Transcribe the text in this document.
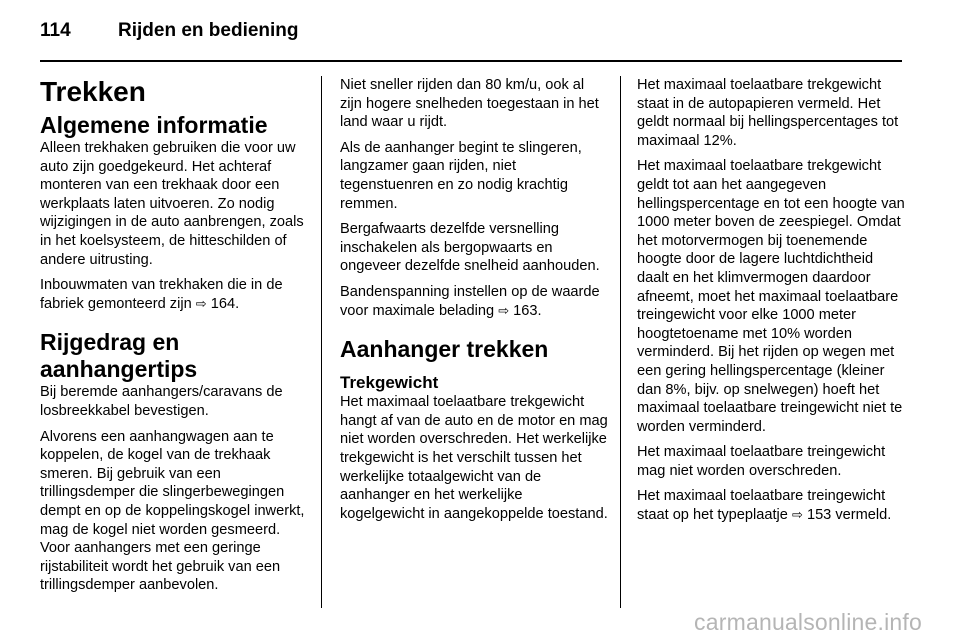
114 Rijden en bediening
Trekken
Algemene informatie

Alleen trekhaken gebruiken die voor uw auto zijn goedgekeurd. Het achteraf monteren van een trekhaak door een werkplaats laten uitvoeren. Zo nodig wijzigingen in de auto aanbrengen, zoals in het koelsysteem, de hitteschilden of andere uitrusting.

Inbouwmaten van trekhaken die in de fabriek gemonteerd zijn ⇨ 164.

Rijgedrag en aanhangertips

Bij beremde aanhangers/caravans de losbreekkabel bevestigen.

Alvorens een aanhangwagen aan te koppelen, de kogel van de trekhaak smeren. Bij gebruik van een trillingsdemper die slingerbewegingen dempt en op de koppelingskogel inwerkt, mag de kogel niet worden gesmeerd. Voor aanhangers met een geringe rijstabiliteit wordt het gebruik van een trillingsdemper aanbevolen.

Niet sneller rijden dan 80 km/u, ook al zijn hogere snelheden toegestaan in het land waar u rijdt.

Als de aanhanger begint te slingeren, langzamer gaan rijden, niet tegenstuenren en zo nodig krachtig remmen.

Bergafwaarts dezelfde versnelling inschakelen als bergopwaarts en ongeveer dezelfde snelheid aanhouden.

Bandenspanning instellen op de waarde voor maximale belading ⇨ 163.

Aanhanger trekken
Trekgewicht

Het maximaal toelaatbare trekgewicht hangt af van de auto en de motor en mag niet worden overschreden. Het werkelijke trekgewicht is het verschilt tussen het werkelijke totaalgewicht van de aanhanger en het werkelijke kogelgewicht in aangekoppelde toestand.

Het maximaal toelaatbare trekgewicht staat in de autopapieren vermeld. Het geldt normaal bij hellingspercentages tot maximaal 12%.

Het maximaal toelaatbare trekgewicht geldt tot aan het aangegeven hellingspercentage en tot een hoogte van 1000 meter boven de zeespiegel. Omdat het motorvermogen bij toenemende hoogte door de lagere luchtdichtheid daalt en het klimvermogen daardoor afneemt, moet het maximaal toelaatbare treingewicht voor elke 1000 meter hoogtetoename met 10% worden verminderd. Bij het rijden op wegen met een gering hellingspercentage (kleiner dan 8%, bijv. op snelwegen) hoeft het maximaal toelaatbare treingewicht niet te worden verminderd.

Het maximaal toelaatbare treingewicht mag niet worden overschreden.

Het maximaal toelaatbare treingewicht staat op het typeplaatje ⇨ 153 vermeld.

carmanualsonline.info
